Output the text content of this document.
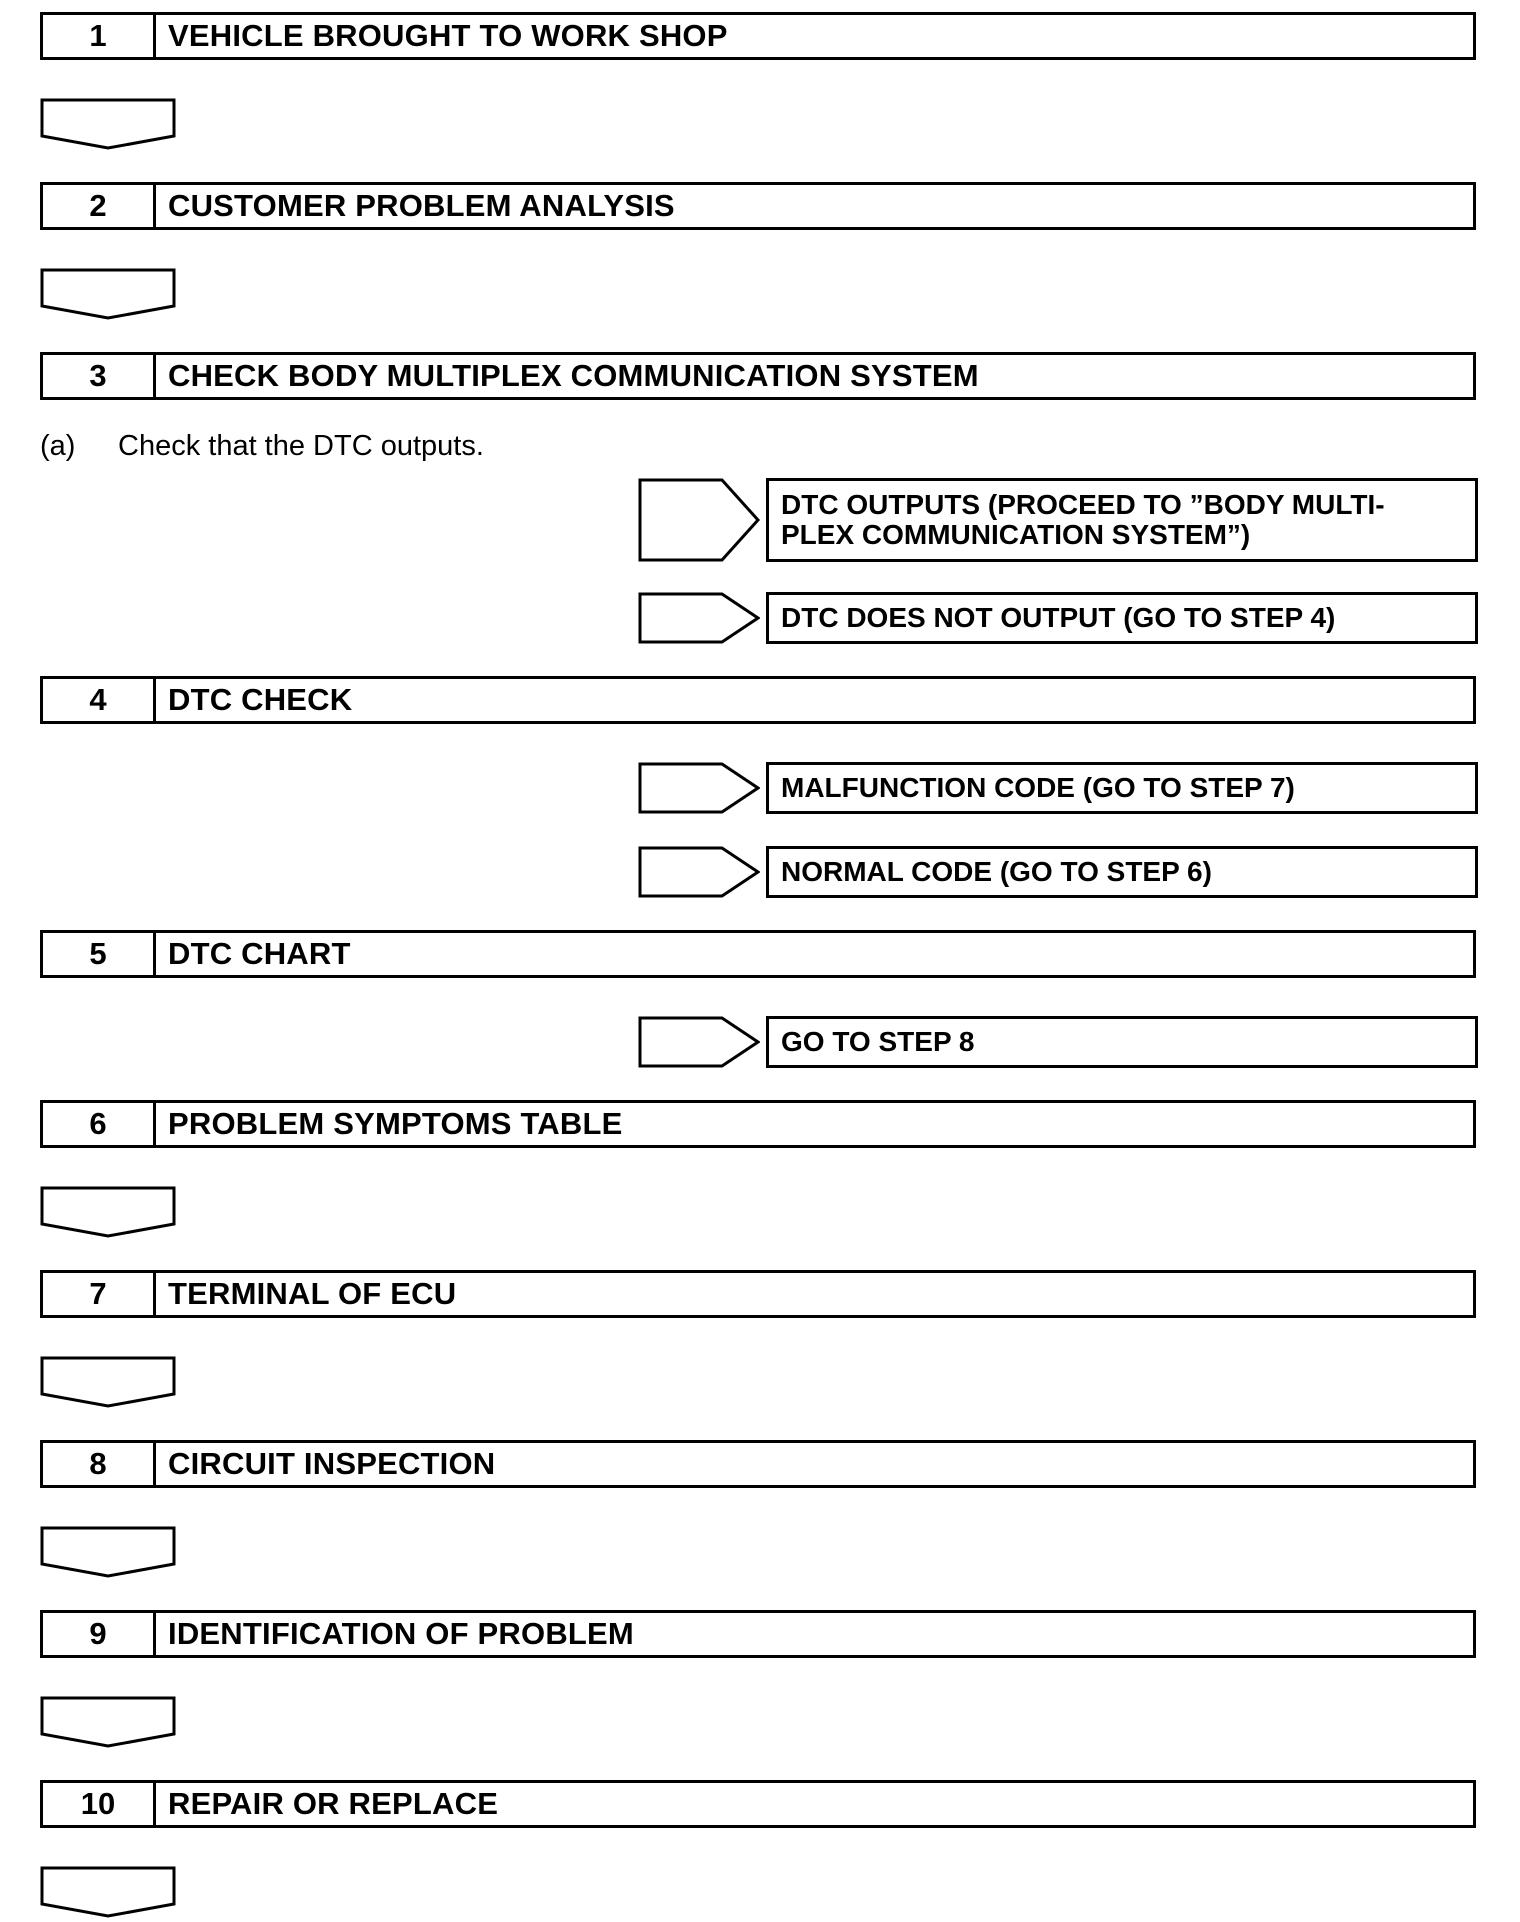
1	VEHICLE BROUGHT TO WORK SHOP
2	CUSTOMER PROBLEM ANALYSIS
3	CHECK BODY MULTIPLEX COMMUNICATION SYSTEM
(a)	Check that the DTC outputs.
DTC OUTPUTS (PROCEED TO ”BODY MULTI-
PLEX COMMUNICATION SYSTEM”)
DTC DOES NOT OUTPUT (GO TO STEP 4)
4	DTC CHECK
MALFUNCTION CODE (GO TO STEP 7)
NORMAL CODE (GO TO STEP 6)
5	DTC CHART
GO TO STEP 8
6	PROBLEM SYMPTOMS TABLE
7	TERMINAL OF ECU
8	CIRCUIT INSPECTION
9	IDENTIFICATION OF PROBLEM
10	REPAIR OR REPLACE
